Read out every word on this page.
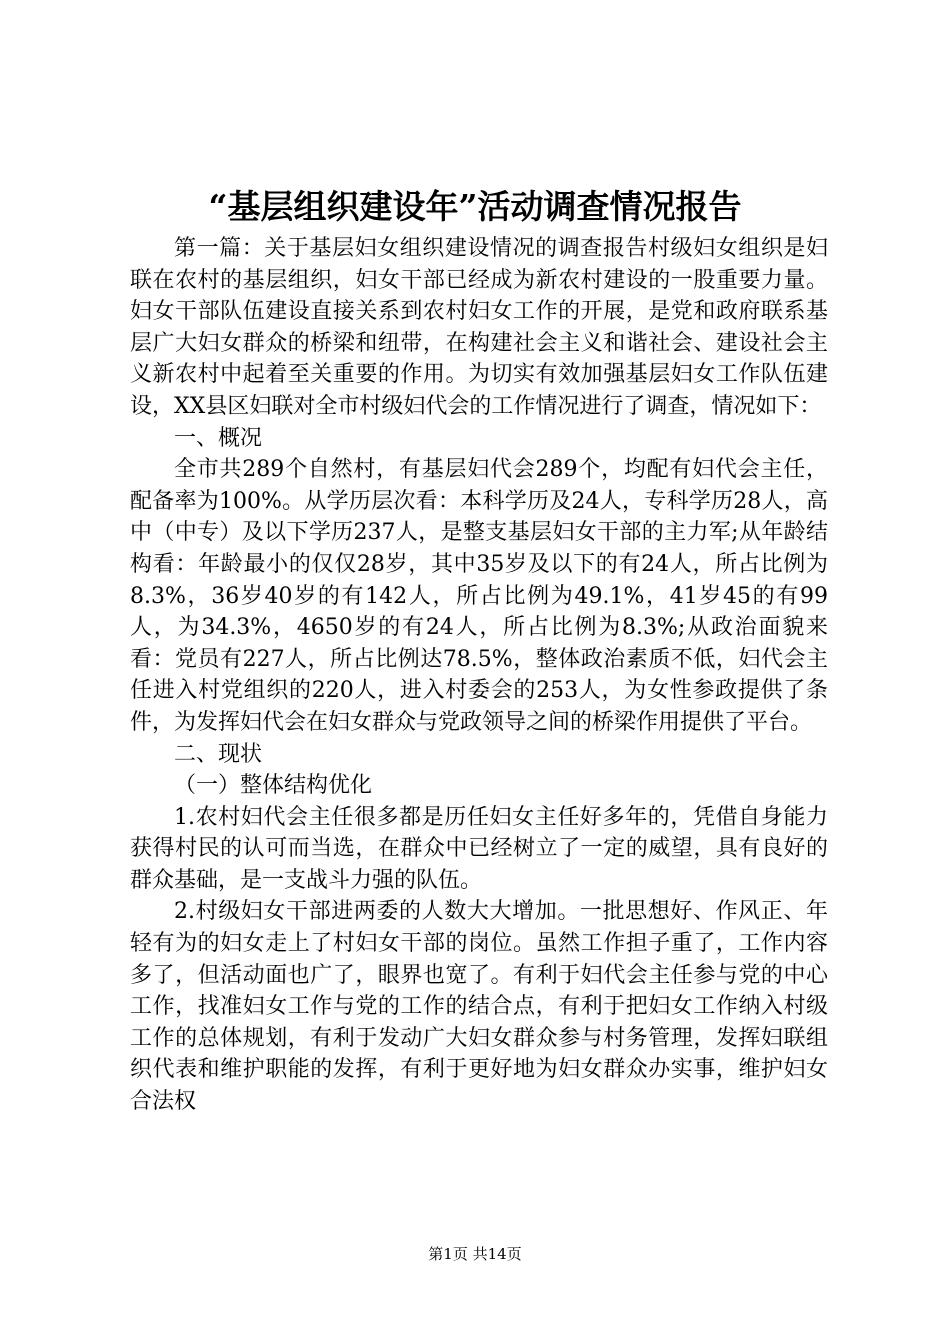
“基层组织建设年”活动调查情况报告

第一篇：关于基层妇女组织建设情况的调查报告村级妇女组织是妇联在农村的基层组织，妇女干部已经成为新农村建设的一股重要力量。妇女干部队伍建设直接关系到农村妇女工作的开展，是党和政府联系基层广大妇女群众的桥梁和纽带，在构建社会主义和谐社会、建设社会主义新农村中起着至关重要的作用。为切实有效加强基层妇女工作队伍建设，XX县区妇联对全市村级妇代会的工作情况进行了调查，情况如下：

一、概况

全市共289个自然村，有基层妇代会289个，均配有妇代会主任，配备率为100%。从学历层次看：本科学历及24人，专科学历28人，高中（中专）及以下学历237人，是整支基层妇女干部的主力军;从年龄结构看：年龄最小的仅仅28岁，其中35岁及以下的有24人，所占比例为8.3%，36岁40岁的有142人，所占比例为49.1%，41岁45的有99人，为34.3%，4650岁的有24人，所占比例为8.3%;从政治面貌来看：党员有227人，所占比例达78.5%，整体政治素质不低，妇代会主任进入村党组织的220人，进入村委会的253人，为女性参政提供了条件，为发挥妇代会在妇女群众与党政领导之间的桥梁作用提供了平台。

二、现状

（一）整体结构优化

1.农村妇代会主任很多都是历任妇女主任好多年的，凭借自身能力获得村民的认可而当选，在群众中已经树立了一定的威望，具有良好的群众基础，是一支战斗力强的队伍。

2.村级妇女干部进两委的人数大大增加。一批思想好、作风正、年轻有为的妇女走上了村妇女干部的岗位。虽然工作担子重了，工作内容多了，但活动面也广了，眼界也宽了。有利于妇代会主任参与党的中心工作，找准妇女工作与党的工作的结合点，有利于把妇女工作纳入村级工作的总体规划，有利于发动广大妇女群众参与村务管理，发挥妇联组织代表和维护职能的发挥，有利于更好地为妇女群众办实事，维护妇女合法权

第1页 共14页
